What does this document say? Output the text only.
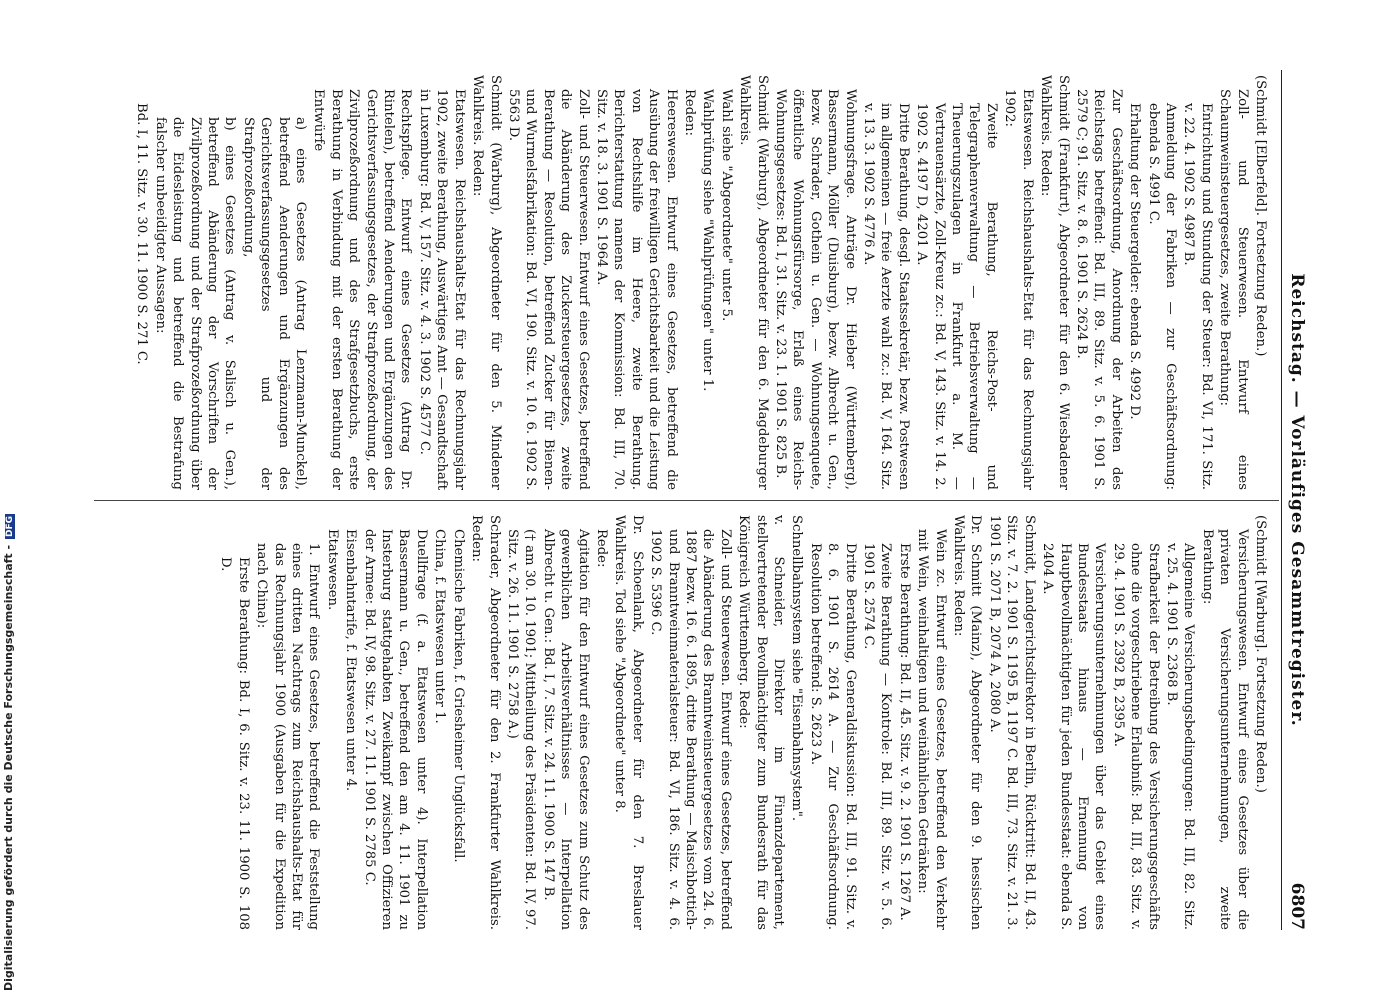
Reichstag. — Vorläufiges Gesammtregister.
6807

(Schmidt [Elberfeld]. Fortsetzung Reden.)

Zoll- und Steuerwesen. Entwurf eines Schaumweinsteuergesetzes, zweite Berathung:

Entrichtung und Stundung der Steuer: Bd. VI, 171. Sitz. v. 22. 4. 1902 S. 4987 B.

Anmeldung der Fabriken — zur Geschäftsordnung: ebenda S. 4991 C.

Erhaltung der Steuergelder: ebenda S. 4992 D.

Zur Geschäftsordnung, Anordnung der Arbeiten des Reichstags betreffend: Bd. III, 89. Sitz. v. 5. 6. 1901 S. 2579 C; 91. Sitz. v. 8. 6. 1901 S. 2624 B.

Schmidt (Frankfurt), Abgeordneter für den 6. Wiesbadener Wahlkreis. Reden:

Etatswesen. Reichshaushalts-Etat für das Rechnungsjahr 1902:

Zweite Berathung, Reichs-Post- und Telegraphenverwaltung — Betriebsverwaltung — Theuerungszulagen in Frankfurt a. M. — Vertrauensärzte, Zoll-Kreuz zc.: Bd. V, 143. Sitz. v. 14. 2. 1902 S. 4197 D, 4201 A.

Dritte Berathung, desgl. Staatssekretär, bezw. Postwesen im allgemeinen — freie Aerzte wahl zc.: Bd. V, 164. Sitz. v. 13. 3. 1902 S. 4776 A.

Wohnungsfrage. Anträge Dr. Hieber (Württemberg), Bassermann, Möller (Duisburg), bezw. Albrecht u. Gen., bezw. Schrader, Gothein u. Gen. — Wohnungsenquete, öffentliche Wohnungsfürsorge, Erlaß eines Reichs-Wohnungsgesetzes: Bd. I, 31. Sitz. v. 23. 1. 1901 S. 825 B.

Schmidt (Warburg), Abgeordneter für den 6. Magdeburger Wahlkreis.

Wahl siehe "Abgeordnete" unter 5.

Wahlprüfung siehe "Wahlprüfungen" unter 1.

Reden:

Heereswesen. Entwurf eines Gesetzes, betreffend die Ausübung der freiwilligen Gerichtsbarkeit und die Leistung von Rechtshilfe im Heere, zweite Berathung. Berichterstattung namens der Kommission: Bd. III, 70. Sitz. v. 18. 3. 1901 S. 1964 A.

Zoll- und Steuerwesen. Entwurf eines Gesetzes, betreffend die Abänderung des Zuckersteuergesetzes, zweite Berathung — Resolution, betreffend Zucker für Bienen- und Wurmelsfabrikation: Bd. VI, 190. Sitz. v. 10. 6. 1902 S. 5563 D.

Schmidt (Warburg), Abgeordneter für den 5. Mindener Wahlkreis. Reden:

Etatswesen. Reichshaushalts-Etat für das Rechnungsjahr 1902, zweite Berathung, Auswärtiges Amt — Gesandtschaft in Luxemburg: Bd. V, 157. Sitz. v. 4. 3. 1902 S. 4577 C.

Rechtspflege. Entwurf eines Gesetzes (Antrag Dr. Rintelen), betreffend Aenderungen und Ergänzungen des Gerichtsverfassungsgesetzes, der Strafprozeßordnung, der Zivilprozeßordnung und des Strafgesetzbuchs, erste Berathung in Verbindung mit der ersten Berathung der Entwürfe

a) eines Gesetzes (Antrag Lenzmann-Munckel), betreffend Aenderungen und Ergänzungen des Gerichtsverfassungsgesetzes und der Strafprozeßordnung,

b) eines Gesetzes (Antrag v. Salisch u. Gen.), betreffend Abänderung der Vorschriften der Zivilprozeßordnung und der Strafprozeßordnung über die Eidesleistung und betreffend die Bestrafung falscher unbeeidigter Aussagen:

Bd. I, 11. Sitz. v. 30. 11. 1900 S. 271 C.

(Schmidt [Warburg]. Fortsetzung Reden.)

Versicherungswesen. Entwurf eines Gesetzes über die privaten Versicherungsunternehmungen, zweite Berathung:

Allgemeine Versicherungsbedingungen: Bd. III, 82. Sitz. v. 25. 4. 1901 S. 2368 B.

Strafbarkeit der Betreibung des Versicherungsgeschäfts ohne die vorgeschriebene Erlaubniß: Bd. III, 83. Sitz. v. 29. 4. 1901 S. 2392 B, 2395 A.

Versicherungsunternehmungen über das Gebiet eines Bundesstaats hinaus — Ernennung von Hauptbevollmächtigten für jeden Bundesstaat: ebenda S. 2404 A.

Schmidt, Landgerichtsdirektor in Berlin, Rücktritt: Bd. II, 43. Sitz. v. 7. 2. 1901 S. 1195 B, 1197 C. Bd. III, 73. Sitz. v. 21. 3. 1901 S. 2071 B, 2074 A, 2080 A.

Dr. Schmitt (Mainz), Abgeordneter für den 9. hessischen Wahlkreis. Reden:

Wein zc. Entwurf eines Gesetzes, betreffend den Verkehr mit Wein, weinhaltigen und weinähnlichen Getränken:

Erste Berathung: Bd. II, 45. Sitz. v. 9. 2. 1901 S. 1267 A.

Zweite Berathung — Kontrole: Bd. III, 89. Sitz. v. 5. 6. 1901 S. 2574 C.

Dritte Berathung, Generaldiskussion: Bd. III, 91. Sitz. v. 8. 6. 1901 S. 2614 A. — Zur Geschäftsordnung. Resolution betreffend: S. 2623 A.

Schnellbahnsystem siehe "Eisenbahnsystem".

v. Schneider, Direktor im Finanzdepartement, stellvertretender Bevollmächtigter zum Bundesrath für das Königreich Württemberg. Rede:

Zoll- und Steuerwesen. Entwurf eines Gesetzes, betreffend die Abänderung des Branntweinsteuergesetzes vom 24. 6. 1887 bezw. 16. 6. 1895, dritte Berathung — Maischbottich- und Branntweinmaterialsteuer: Bd. VI, 186. Sitz. v. 4. 6. 1902 S. 5396 C.

Dr. Schoenlank, Abgeordneter für den 7. Breslauer Wahlkreis. Tod siehe "Abgeordnete" unter 8.

Rede:

Agitation für den Entwurf eines Gesetzes zum Schutz des gewerblichen Arbeitsverhältnisses — Interpellation Albrecht u. Gen.: Bd. I, 7. Sitz. v. 24. 11. 1900 S. 147 B.

(† am 30. 10. 1901; Mittheilung des Präsidenten: Bd. IV, 97. Sitz. v. 26. 11. 1901 S. 2758 A.)

Schrader, Abgeordneter für den 2. Frankfurter Wahlkreis. Reden:

Chemische Fabriken, f. Griesheimer Unglücksfall.

China, f. Etatswesen unter 1.

Duellfrage (f. a. Etatswesen unter 4). Interpellation Bassermann u. Gen., betreffend den am 4. 11. 1901 zu Insterburg stattgehabten Zweikampf zwischen Offizieren der Armee: Bd. IV, 98. Sitz. v. 27. 11. 1901 S. 2785 C.

Eisenbahntarife, f. Etatswesen unter 4.

Etatswesen.

1. Entwurf eines Gesetzes, betreffend die Feststellung eines dritten Nachtrags zum Reichshaushalts-Etat für das Rechnungsjahr 1900 (Ausgaben für die Expedition nach China):

Erste Berathung: Bd. I, 6. Sitz. v. 23. 11. 1900 S. 108 D.

Digitalisierung gefördert durch die Deutsche Forschungsgemeinschaft -DFG
